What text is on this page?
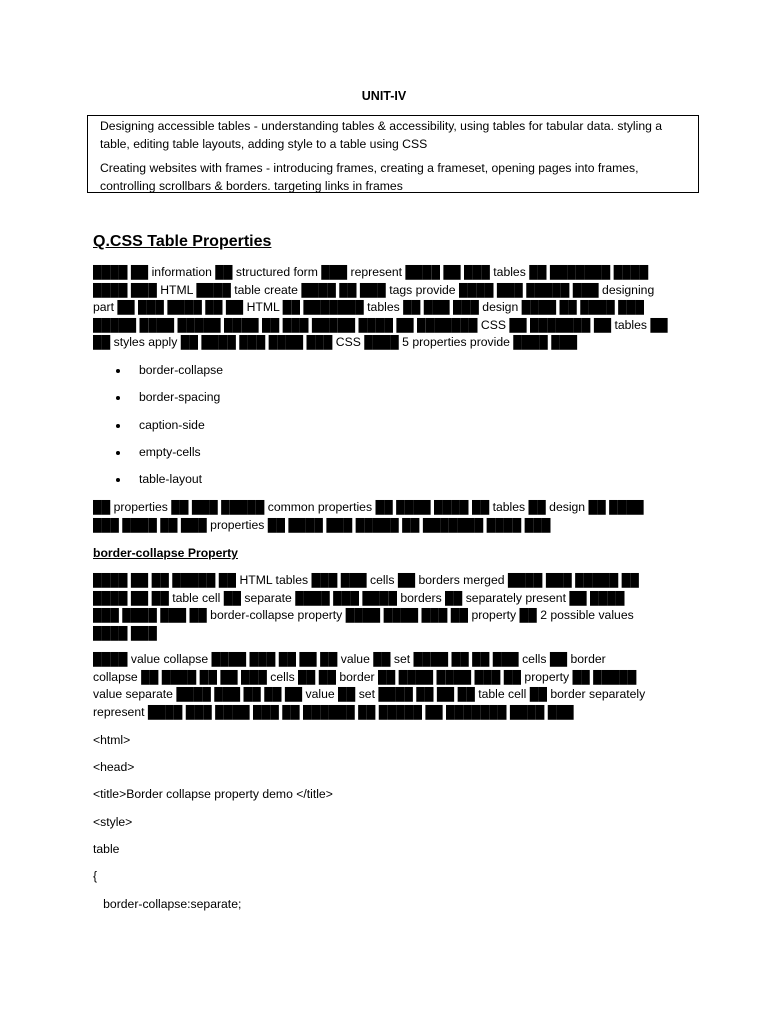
UNIT-IV

Designing accessible tables - understanding tables & accessibility, using tables for tabular data. styling a table, editing table layouts, adding style to a table using CSS

Creating websites with frames - introducing frames, creating a frameset, opening pages into frames, controlling scrollbars & borders. targeting links in frames

Q.CSS Table Properties

████ ██ information ██ structured form ███ represent ████ ██ ███ tables ██ ███████ ████
████ ███ HTML ████ table create ████ ██ ███ tags provide ████ ███ █████ ███ designing
part ██ ███ ████ ██ ██ HTML ██ ███████ tables ██ ███ ███ design ████ ██ ████ ███
█████ ████ █████ ████ ██ ███ █████ ████ ██ ███████ CSS ██ ███████ ██ tables ██
██ styles apply ██ ████ ███ ████ ███ CSS ████ 5 properties provide ████ ███

border-collapse
border-spacing
caption-side
empty-cells
table-layout

██ properties ██ ███ █████ common properties ██ ████ ████ ██ tables ██ design ██ ████
███ ████ ██ ███ properties ██ ████ ███ █████ ██ ███████ ████ ███

border-collapse Property

████ ██ ██ █████ ██ HTML tables ███ ███ cells ██ borders merged ████ ███ █████ ██
████ ██ ██ table cell ██ separate ████ ███ ████ borders ██ separately present ██ ████
███ ████ ███ ██ border-collapse property ████ ████ ███ ██ property ██ 2 possible values
████ ███

████ value collapse ████ ███ ██ ██ ██ value ██ set ████ ██ ██ ███ cells ██ border
collapse ██ ████ ██ ██ ███ cells ██ ██ border ██ ████ ████ ███ ██ property ██ █████
value separate ████ ███ ██ ██ ██ value ██ set ████ ██ ██ ██ table cell ██ border separately
represent ████ ███ ████ ███ ██ ██████ ██ █████ ██ ███████ ████ ███

<html>
<head>
<title>Border collapse property demo </title>
<style>
table
{
border-collapse:separate;
